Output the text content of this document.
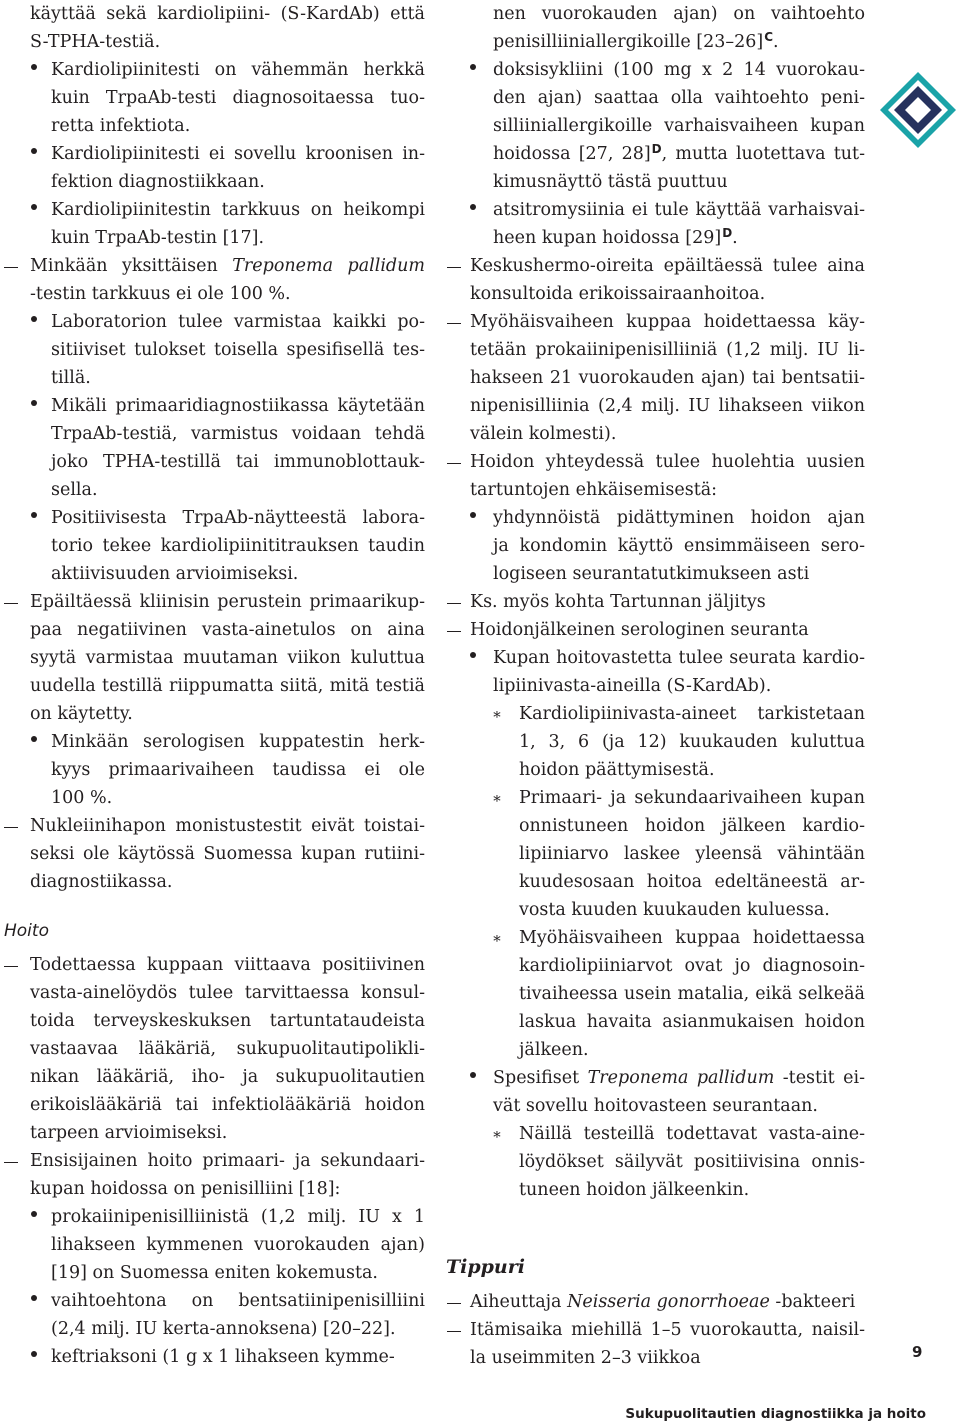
käyttää sekä kardiolipiini- (S-KardAb) että
S-TPHA-testiä.
Kardiolipiinitesti on vähemmän herkkä
kuin TrpaAb-testi diagnosoitaessa tuo-
retta infektiota.
Kardiolipiinitesti ei sovellu kroonisen in-
fektion diagnostiikkaan.
Kardiolipiinitestin tarkkuus on heikompi
kuin TrpaAb-testin [17].
Minkään yksittäisen Treponema pallidum
-testin tarkkuus ei ole 100 %.
Laboratorion tulee varmistaa kaikki po-
sitiiviset tulokset toisella spesifisellä tes-
tillä.
Mikäli primaaridiagnostiikassa käytetään
TrpaAb-testiä, varmistus voidaan tehdä
joko TPHA-testillä tai immunoblottauk-
sella.
Positiivisesta TrpaAb-näytteestä labora-
torio tekee kardiolipiinititrauksen taudin
aktiivisuuden arvioimiseksi.
Epäiltäessä kliinisin perustein primaarikup-
paa negatiivinen vasta-ainetulos on aina
syytä varmistaa muutaman viikon kuluttua
uudella testillä riippumatta siitä, mitä testiä
on käytetty.
Minkään serologisen kuppatestin herk-
kyys primaarivaiheen taudissa ei ole
100 %.
Nukleiinihapon monistustestit eivät toistai-
seksi ole käytössä Suomessa kupan rutiini-
diagnostiikassa.
Hoito
Todettaessa kuppaan viittaava positiivinen
vasta-ainelöydös tulee tarvittaessa konsul-
toida terveyskeskuksen tartuntataudeista
vastaavaa lääkäriä, sukupuolitautipolikli-
nikan lääkäriä, iho- ja sukupuolitautien
erikoislääkäriä tai infektiolääkäriä hoidon
tarpeen arvioimiseksi.
Ensisijainen hoito primaari- ja sekundaari-
kupan hoidossa on penisilliini [18]:
prokaiinipenisilliinistä (1,2 milj. IU x 1
lihakseen kymmenen vuorokauden ajan)
[19] on Suomessa eniten kokemusta.
vaihtoehtona on bentsatiinipenisilliini
(2,4 milj. IU kerta-annoksena) [20–22].
keftriaksoni (1 g x 1 lihakseen kymme-
nen vuorokauden ajan) on vaihtoehto
penisilliiniallergikoille $[23-26]^C$.
doksisykliini (100 mg x 2 14 vuorokau-
den ajan) saattaa olla vaihtoehto peni-
silliiniallergikoille varhaisvaiheen kupan
hoidossa [27, 28]$^D$, mutta luotettava tut-
kimusnäyttö tästä puuttuu
atsitromysiinia ei tule käyttää varhaisvai-
heen kupan hoidossa $[29]^D$.
Keskushermo-oireita epäiltäessä tulee aina
konsultoida erikoissairaanhoitoa.
Myöhäisvaiheen kuppaa hoidettaessa käy-
tetään prokaiinipenisilliiniä (1,2 milj. IU li-
hakseen 21 vuorokauden ajan) tai bentsatii-
nipenisilliinia (2,4 milj. IU lihakseen viikon
välein kolmesti).
Hoidon yhteydessä tulee huolehtia uusien
tartuntojen ehkäisemisestä:
yhdynnöistä pidättyminen hoidon ajan
ja kondomin käyttö ensimmäiseen sero-
logiseen seurantatutkimukseen asti
Ks. myös kohta Tartunnan jäljitys
Hoidonjälkeinen serologinen seuranta
Kupan hoitovastetta tulee seurata kardio-
lipiinivasta-aineilla (S-KardAb).
∗ Kardiolipiinivasta-aineet tarkistetaan
1, 3, 6 (ja 12) kuukauden kuluttua
hoidon päättymisestä.
∗ Primaari- ja sekundaarivaiheen kupan
onnistuneen hoidon jälkeen kardio-
lipiiniarvo laskee yleensä vähintään
kuudesosaan hoitoa edeltäneestä ar-
vosta kuuden kuukauden kuluessa.
∗ Myöhäisvaiheen kuppaa hoidettaessa
kardiolipiiniarvot ovat jo diagnosoin-
tivaiheessa usein matalia, eikä selkeää
laskua havaita asianmukaisen hoidon
jälkeen.
Spesifiset Treponema pallidum -testit ei-
vät sovellu hoitovasteen seurantaan.
∗ Näillä testeillä todettavat vasta-aine-
löydökset säilyvät positiivisina onnis-
tuneen hoidon jälkeenkin.
Tippuri
Aiheuttaja Neisseria gonorrhoeae -bakteeri
Itämisaika miehillä 1–5 vuorokautta, naisil-
la useimmiten 2–3 viikkoa	9
Sukupuolitautien diagnostiikka ja hoito
